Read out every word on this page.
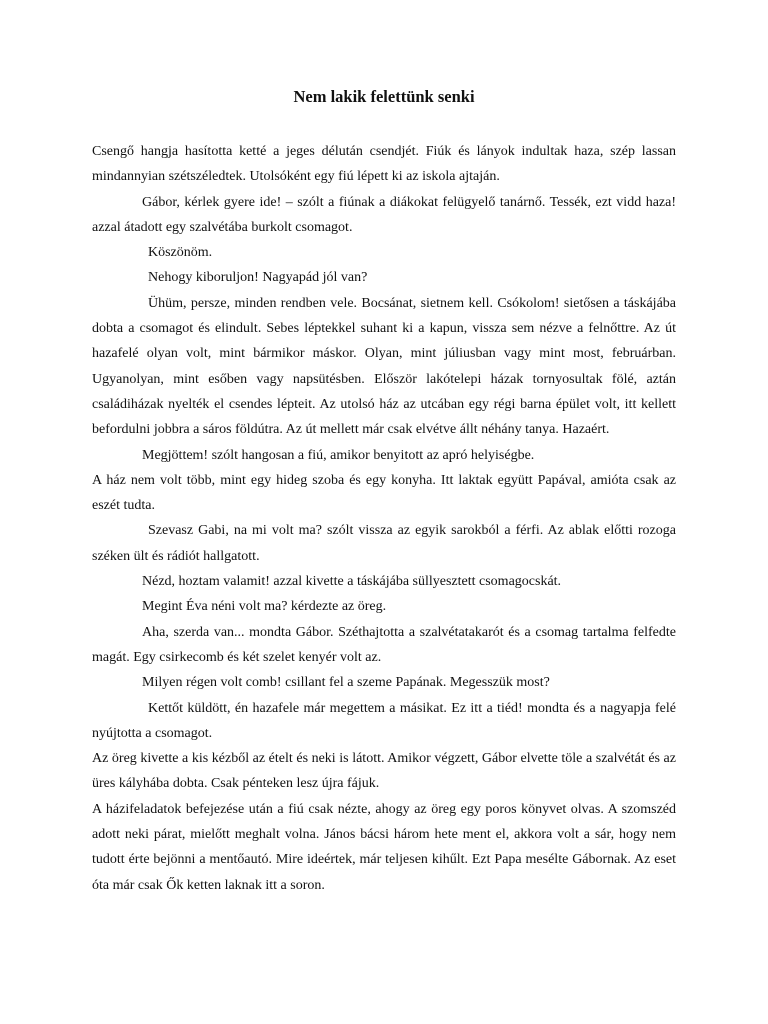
Nem lakik felettünk senki

Csengő hangja hasította ketté a jeges délután csendjét. Fiúk és lányok indultak haza, szép lassan mindannyian szétszéledtek. Utolsóként egy fiú lépett ki az iskola ajtaján.

Gábor, kérlek gyere ide! – szólt a fiúnak a diákokat felügyelő tanárnő. Tessék, ezt vidd haza! azzal átadott egy szalvétába burkolt csomagot.

Köszönöm.

Nehogy kiboruljon! Nagyapád jól van?

Ühüm, persze, minden rendben vele. Bocsánat, sietnem kell. Csókolom! sietősen a táskájába dobta a csomagot és elindult. Sebes léptekkel suhant ki a kapun, vissza sem nézve a felnőttre. Az út hazafelé olyan volt, mint bármikor máskor. Olyan, mint júliusban vagy mint most, februárban. Ugyanolyan, mint esőben vagy napsütésben. Először lakótelepi házak tornyosultak fölé, aztán családiházak nyelték el csendes lépteit. Az utolsó ház az utcában egy régi barna épület volt, itt kellett befordulni jobbra a sáros földútra. Az út mellett már csak elvétve állt néhány tanya. Hazaért.

Megjöttem! szólt hangosan a fiú, amikor benyitott az apró helyiségbe.

A ház nem volt több, mint egy hideg szoba és egy konyha. Itt laktak együtt Papával, amióta csak az eszét tudta.

Szevasz Gabi, na mi volt ma? szólt vissza az egyik sarokból a férfi. Az ablak előtti rozoga széken ült és rádiót hallgatott.

Nézd, hoztam valamit! azzal kivette a táskájába süllyesztett csomagocskát.

Megint Éva néni volt ma? kérdezte az öreg.

Aha, szerda van... mondta Gábor. Széthajtotta a szalvétatakarót és a csomag tartalma felfedte magát. Egy csirkecomb és két szelet kenyér volt az.

Milyen régen volt comb! csillant fel a szeme Papának. Megesszük most?

Kettőt küldött, én hazafele már megettem a másikat. Ez itt a tiéd! mondta és a nagyapja felé nyújtotta a csomagot.

Az öreg kivette a kis kézből az ételt és neki is látott. Amikor végzett, Gábor elvette töle a szalvétát és az üres kályhába dobta. Csak pénteken lesz újra fájuk.

A házifeladatok befejezése után a fiú csak nézte, ahogy az öreg egy poros könyvet olvas. A szomszéd adott neki párat, mielőtt meghalt volna. János bácsi három hete ment el, akkora volt a sár, hogy nem tudott érte bejönni a mentőautó. Mire ideértek, már teljesen kihűlt. Ezt Papa mesélte Gábornak. Az eset óta már csak Ők ketten laknak itt a soron.
